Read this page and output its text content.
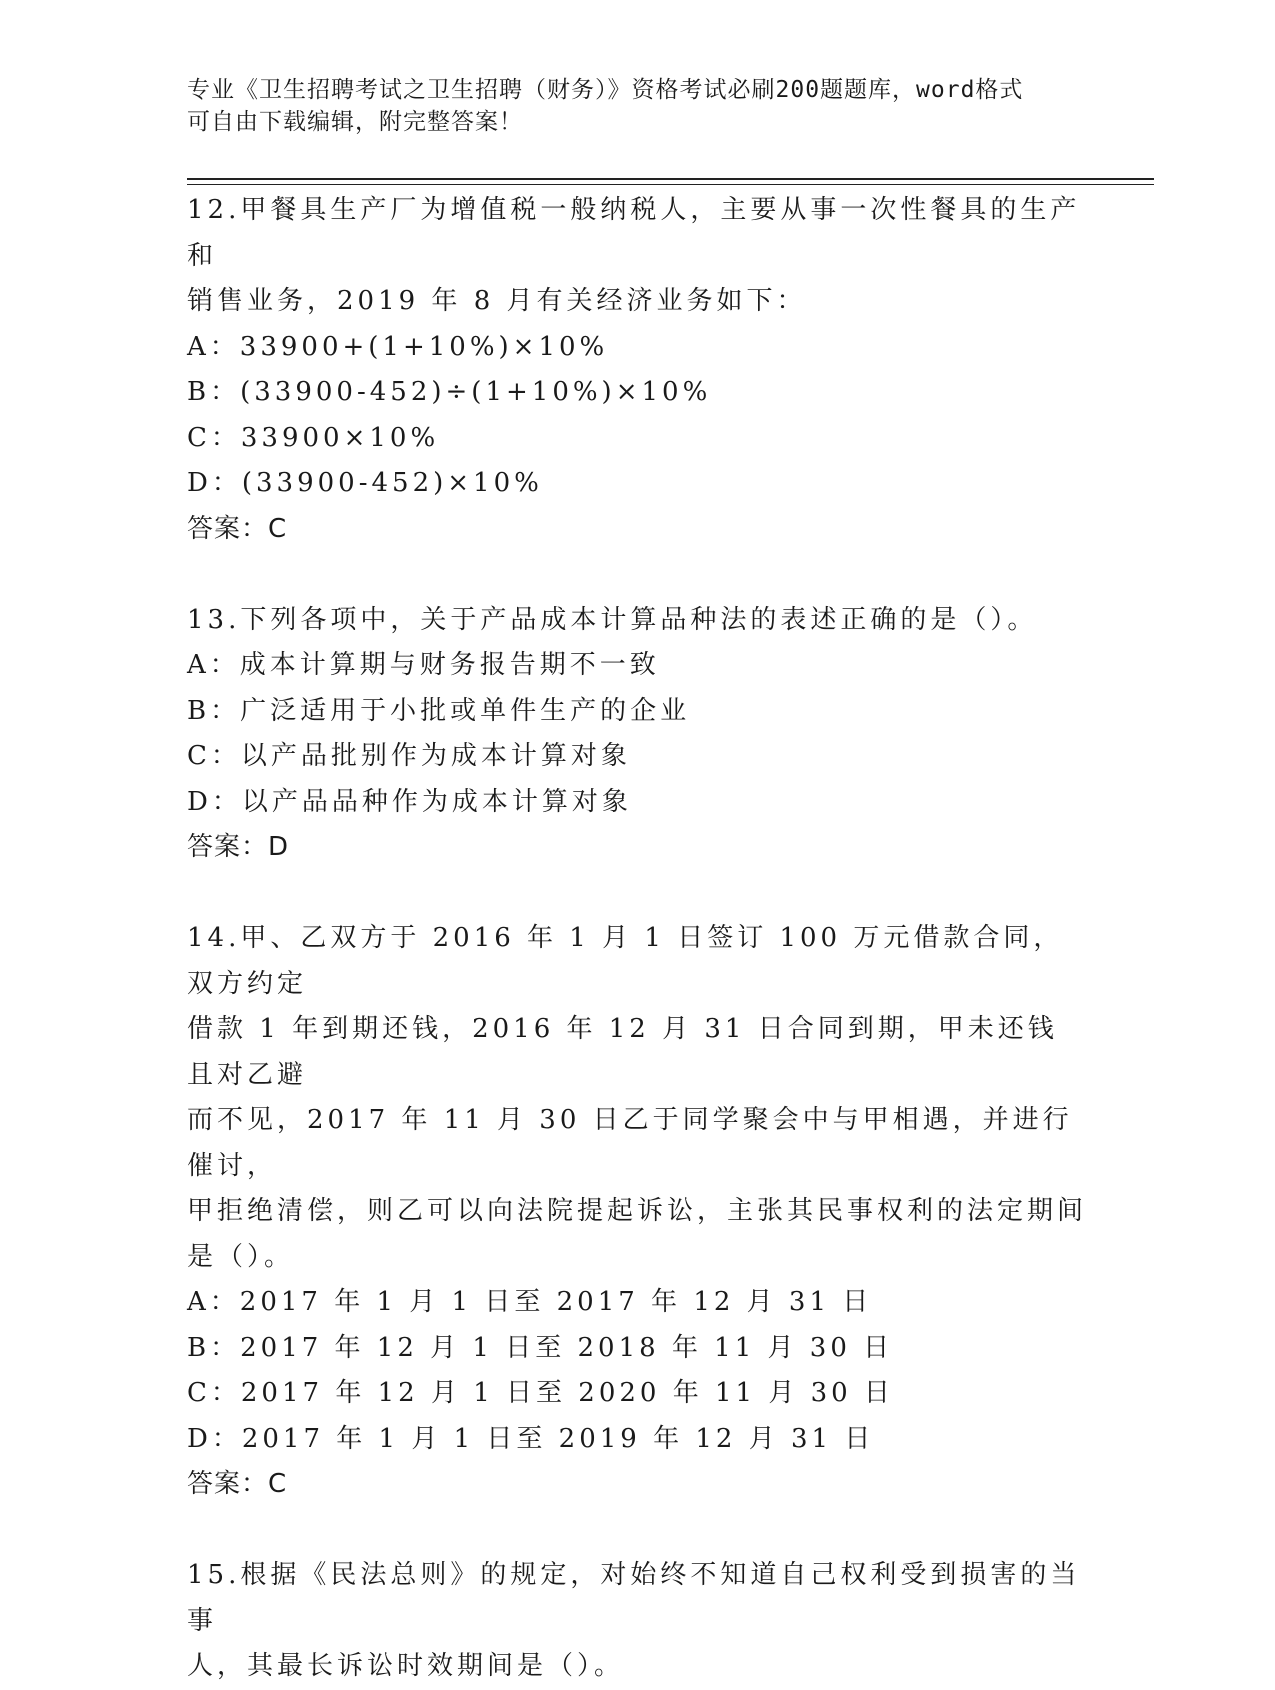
专业《卫生招聘考试之卫生招聘（财务）》资格考试必刷200题题库，word格式
可自由下载编辑，附完整答案！

12.甲餐具生产厂为增值税一般纳税人，主要从事一次性餐具的生产和

销售业务，2019 年 8 月有关经济业务如下：

A：33900+(1+10%)×10%

B：(33900-452)÷(1+10%)×10%

C：33900×10%

D：(33900-452)×10%

答案：C

13.下列各项中，关于产品成本计算品种法的表述正确的是（）。

A：成本计算期与财务报告期不一致

B：广泛适用于小批或单件生产的企业

C：以产品批别作为成本计算对象

D：以产品品种作为成本计算对象

答案：D

14.甲、乙双方于 2016 年 1 月 1 日签订 100 万元借款合同，双方约定

借款 1 年到期还钱，2016 年 12 月 31 日合同到期，甲未还钱且对乙避

而不见，2017 年 11 月 30 日乙于同学聚会中与甲相遇，并进行催讨，

甲拒绝清偿，则乙可以向法院提起诉讼，主张其民事权利的法定期间

是（）。

A：2017 年 1 月 1 日至 2017 年 12 月 31 日

B：2017 年 12 月 1 日至 2018 年 11 月 30 日

C：2017 年 12 月 1 日至 2020 年 11 月 30 日

D：2017 年 1 月 1 日至 2019 年 12 月 31 日

答案：C

15.根据《民法总则》的规定，对始终不知道自己权利受到损害的当事

人，其最长诉讼时效期间是（）。
